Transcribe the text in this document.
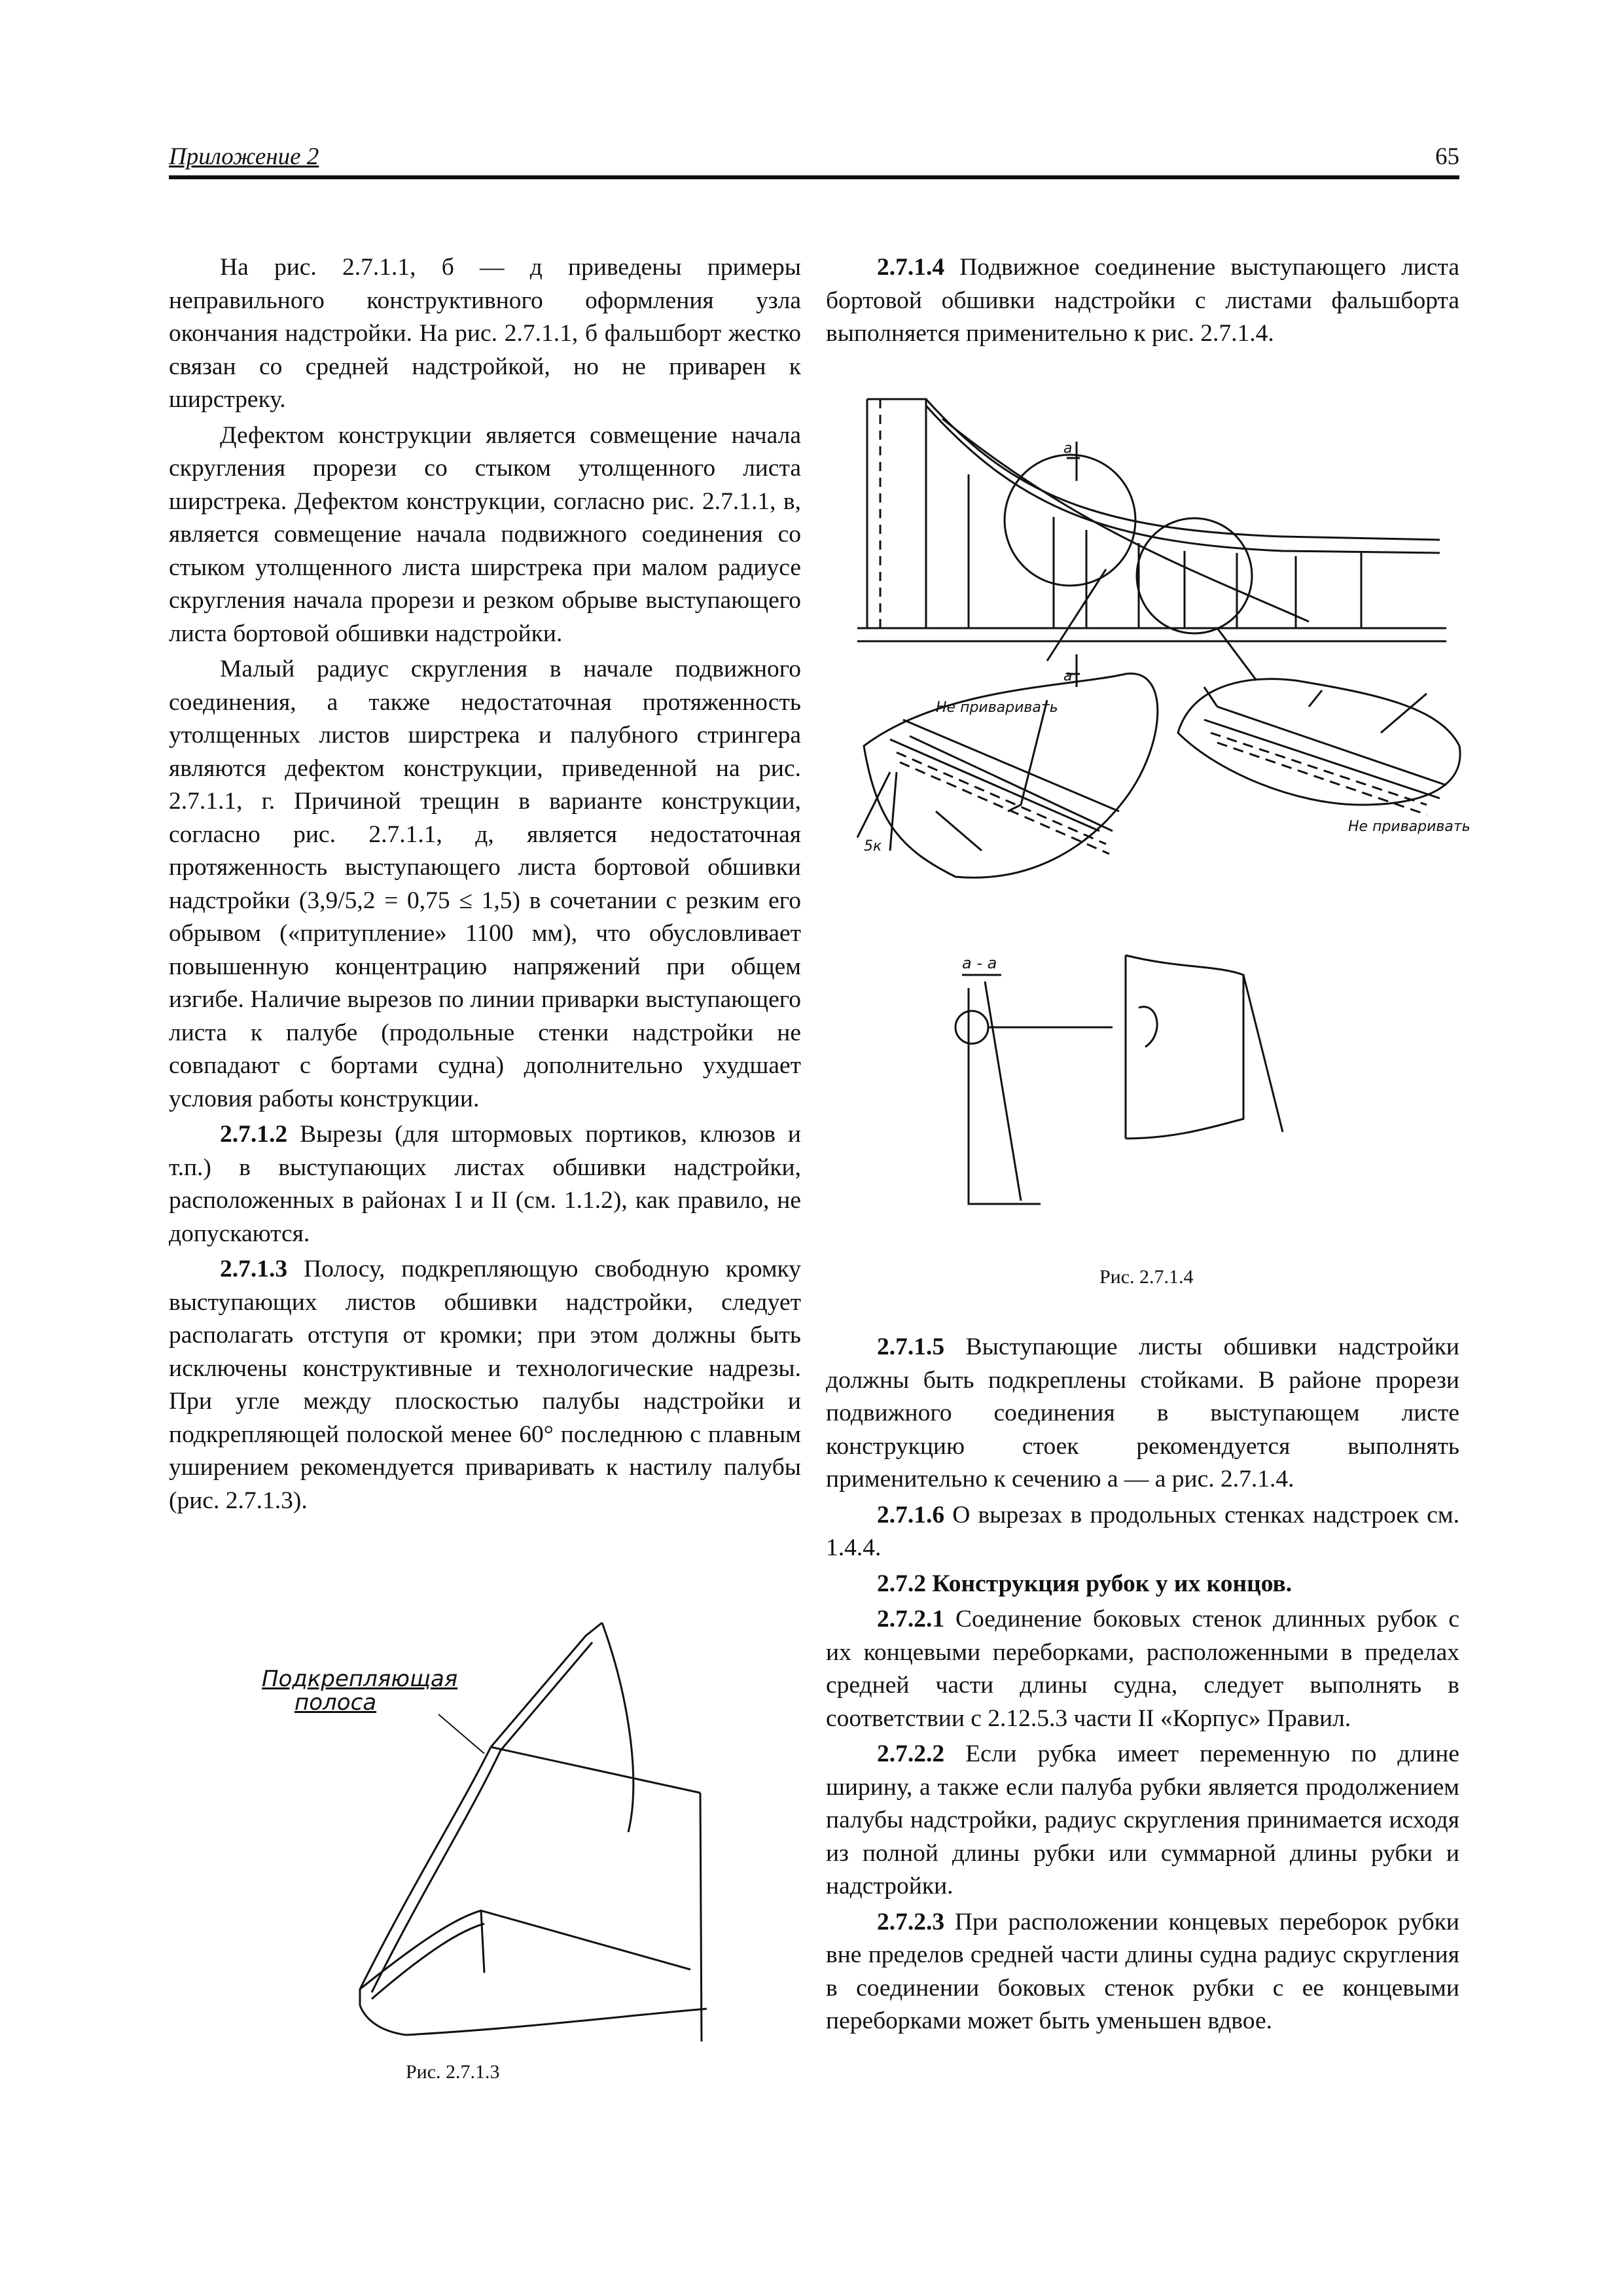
Приложение 2	65

На рис. 2.7.1.1, б — д приведены примеры неправильного конструктивного оформления узла окончания надстройки. На рис. 2.7.1.1, б фальшборт жестко связан со средней надстройкой, но не приварен к ширстреку.

Дефектом конструкции является совмещение начала скругления прорези со стыком утолщенного листа ширстрека. Дефектом конструкции, согласно рис. 2.7.1.1, в, является совмещение начала подвижного соединения со стыком утолщенного листа ширстрека при малом радиусе скругления начала прорези и резком обрыве выступающего листа бортовой обшивки надстройки.

Малый радиус скругления в начале подвижного соединения, а также недостаточная протяженность утолщенных листов ширстрека и палубного стрингера являются дефектом конструкции, приведенной на рис. 2.7.1.1, г. Причиной трещин в варианте конструкции, согласно рис. 2.7.1.1, д, является недостаточная протяженность выступающего листа бортовой обшивки надстройки (3,9/5,2 = 0,75 ≤ 1,5) в сочетании с резким его обрывом («притупление» 1100 мм), что обусловливает повышенную концентрацию напряжений при общем изгибе. Наличие вырезов по линии приварки выступающего листа к палубе (продольные стенки надстройки не совпадают с бортами судна) дополнительно ухудшает условия работы конструкции.

2.7.1.2 Вырезы (для штормовых портиков, клюзов и т.п.) в выступающих листах обшивки надстройки, расположенных в районах I и II (см. 1.1.2), как правило, не допускаются.

2.7.1.3 Полосу, подкрепляющую свободную кромку выступающих листов обшивки надстройки, следует располагать отступя от кромки; при этом должны быть исключены конструктивные и технологические надрезы. При угле между плоскостью палубы надстройки и подкрепляющей полоской менее 60° последнюю с плавным уширением рекомендуется приваривать к настилу палубы (рис. 2.7.1.3).

Подкрепляющая
полоса
Рис. 2.7.1.3

2.7.1.4 Подвижное соединение выступающего листа бортовой обшивки надстройки с листами фальшборта выполняется применительно к рис. 2.7.1.4.

а
а
Не приваривать
5к
Не приваривать
а - а
Рис. 2.7.1.4

2.7.1.5 Выступающие листы обшивки надстройки должны быть подкреплены стойками. В районе прорези подвижного соединения в выступающем листе конструкцию стоек рекомендуется выполнять применительно к сечению а — а рис. 2.7.1.4.

2.7.1.6 О вырезах в продольных стенках надстроек см. 1.4.4.

2.7.2 Конструкция рубок у их концов.

2.7.2.1 Соединение боковых стенок длинных рубок с их концевыми переборками, расположенными в пределах средней части длины судна, следует выполнять в соответствии с 2.12.5.3 части II «Корпус» Правил.

2.7.2.2 Если рубка имеет переменную по длине ширину, а также если палуба рубки является продолжением палубы надстройки, радиус скругления принимается исходя из полной длины рубки или суммарной длины рубки и надстройки.

2.7.2.3 При расположении концевых переборок рубки вне пределов средней части длины судна радиус скругления в соединении боковых стенок рубки с ее концевыми переборками может быть уменьшен вдвое.
